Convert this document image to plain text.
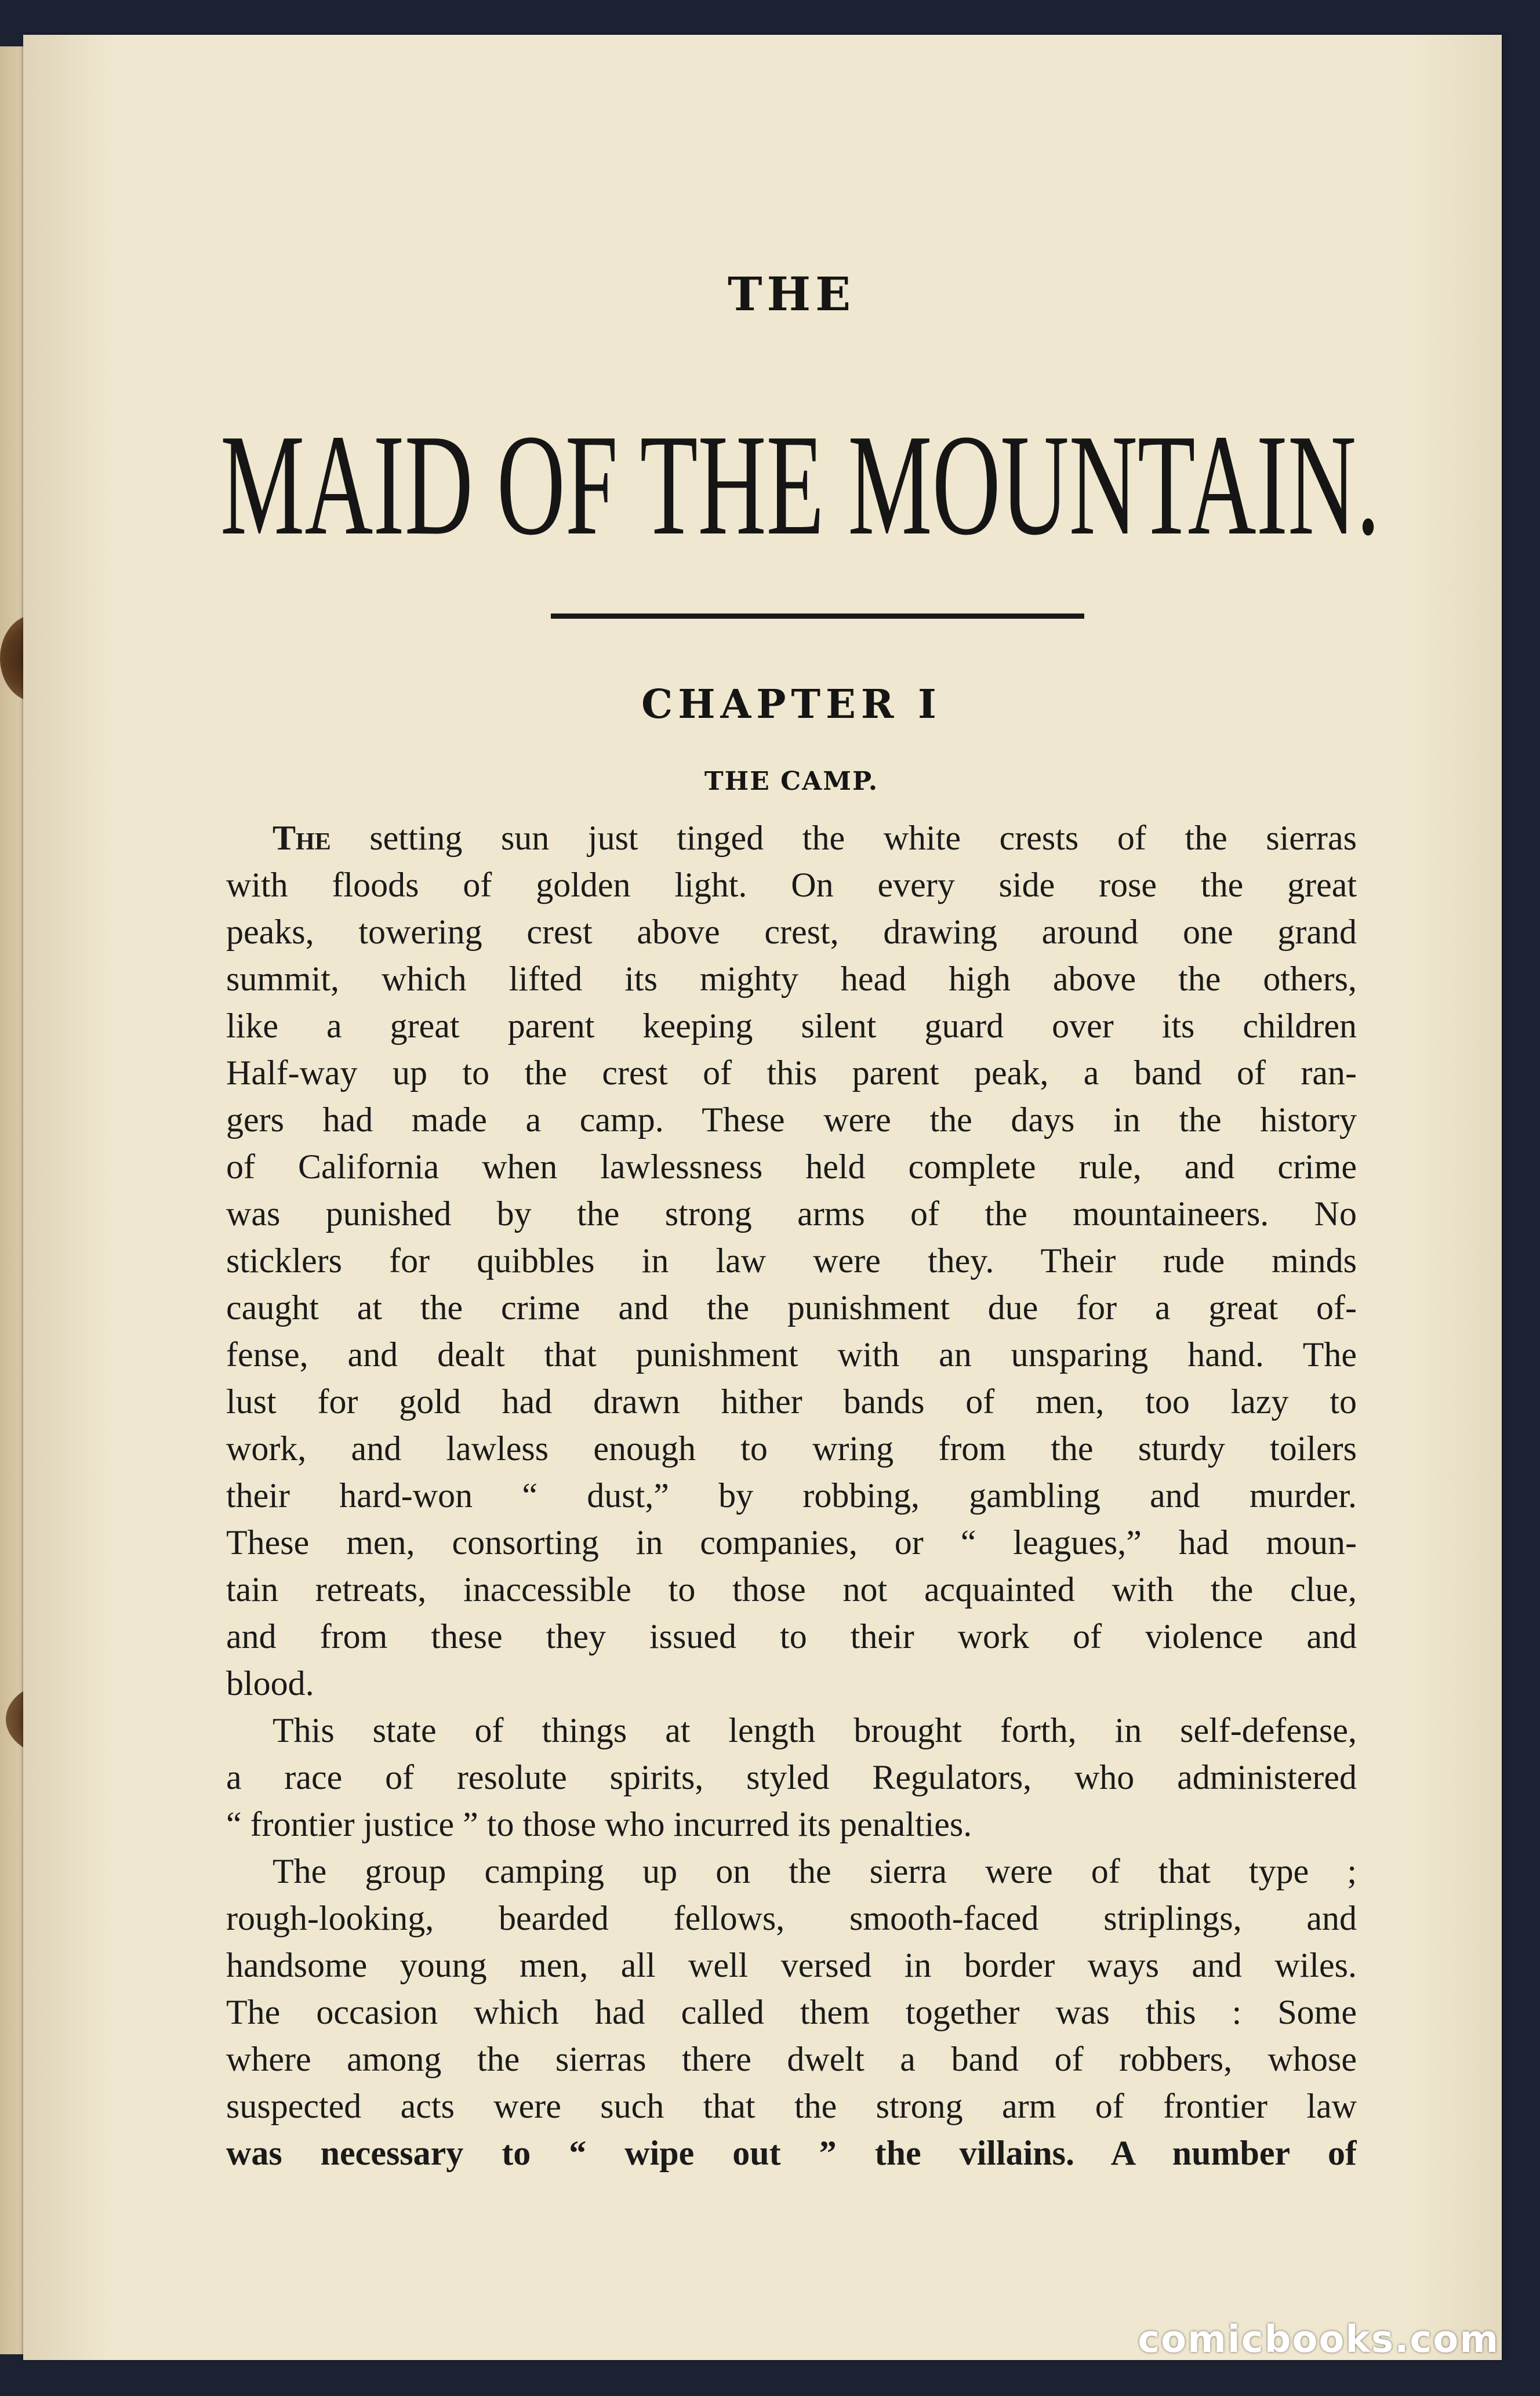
THE
MAID OF THE MOUNTAIN.
CHAPTER I
THE CAMP.
The setting sun just tinged the white crests of the sierras
with floods of golden light. On every side rose the great
peaks, towering crest above crest, drawing around one grand
summit, which lifted its mighty head high above the others,
like a great parent keeping silent guard over its children
Half-way up to the crest of this parent peak, a band of ran-
gers had made a camp. These were the days in the history
of California when lawlessness held complete rule, and crime
was punished by the strong arms of the mountaineers. No
sticklers for quibbles in law were they. Their rude minds
caught at the crime and the punishment due for a great of-
fense, and dealt that punishment with an unsparing hand. The
lust for gold had drawn hither bands of men, too lazy to
work, and lawless enough to wring from the sturdy toilers
their hard-won “ dust,” by robbing, gambling and murder.
These men, consorting in companies, or “ leagues,” had moun-
tain retreats, inaccessible to those not acquainted with the clue,
and from these they issued to their work of violence and
blood.
This state of things at length brought forth, in self-defense,
a race of resolute spirits, styled Regulators, who administered
“ frontier justice ” to those who incurred its penalties.
The group camping up on the sierra were of that type ;
rough-looking, bearded fellows, smooth-faced striplings, and
handsome young men, all well versed in border ways and wiles.
The occasion which had called them together was this : Some
where among the sierras there dwelt a band of robbers, whose
suspected acts were such that the strong arm of frontier law
was necessary to “ wipe out ” the villains. A number of
comicbooks.com
